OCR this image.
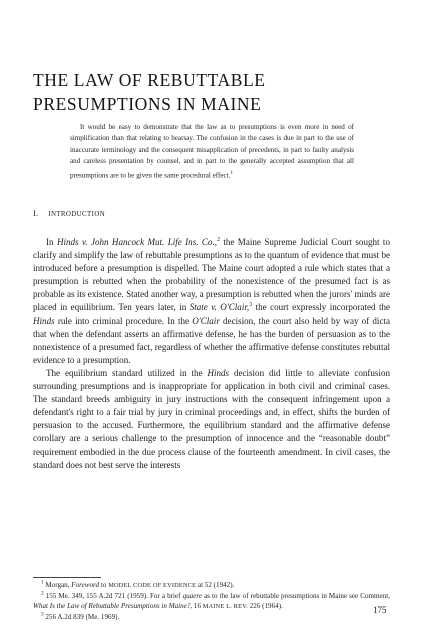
THE LAW OF REBUTTABLE PRESUMPTIONS IN MAINE

It would be easy to demonstrate that the law as to presumptions is even more in need of simplification than that relating to hearsay. The confusion in the cases is due in part to the use of inaccurate terminology and the consequent misapplication of precedents, in part to faulty analysis and careless presentation by counsel, and in part to the generally accepted assumption that all presumptions are to be given the same procedural effect.$^1$

I. INTRODUCTION

In Hinds v. John Hancock Mut. Life Ins. Co.,$^2$ the Maine Supreme Judicial Court sought to clarify and simplify the law of rebuttable presumptions as to the quantum of evidence that must be introduced before a presumption is dispelled. The Maine court adopted a rule which states that a presumption is rebutted when the probability of the nonexistence of the presumed fact is as probable as its existence. Stated another way, a presumption is rebutted when the jurors' minds are placed in equilibrium. Ten years later, in State v. O'Clair,$^3$ the court expressly incorporated the Hinds rule into criminal procedure. In the O'Clair decision, the court also held by way of dicta that when the defendant asserts an affirmative defense, he has the burden of persuasion as to the nonexistence of a presumed fact, regardless of whether the affirmative defense constitutes rebuttal evidence to a presumption.

The equilibrium standard utilized in the Hinds decision did little to alleviate confusion surrounding presumptions and is inappropriate for application in both civil and criminal cases. The standard breeds ambiguity in jury instructions with the consequent infringement upon a defendant's right to a fair trial by jury in criminal proceedings and, in effect, shifts the burden of persuasion to the accused. Furthermore, the equilibrium standard and the affirmative defense corollary are a serious challenge to the presumption of innocence and the “reasonable doubt” requirement embodied in the due process clause of the fourteenth amendment. In civil cases, the standard does not best serve the interests

$^1$ Morgan, Foreword to MODEL CODE OF EVIDENCE at 52 (1942).

$^2$ 155 Me. 349, 155 A.2d 721 (1959). For a brief quaere as to the law of rebuttable presumptions in Maine see Comment, What Is the Law of Rebuttable Presumptions in Maine?, 16 MAINE L. REV. 226 (1964).

$^3$ 256 A.2d 839 (Me. 1969).

175
